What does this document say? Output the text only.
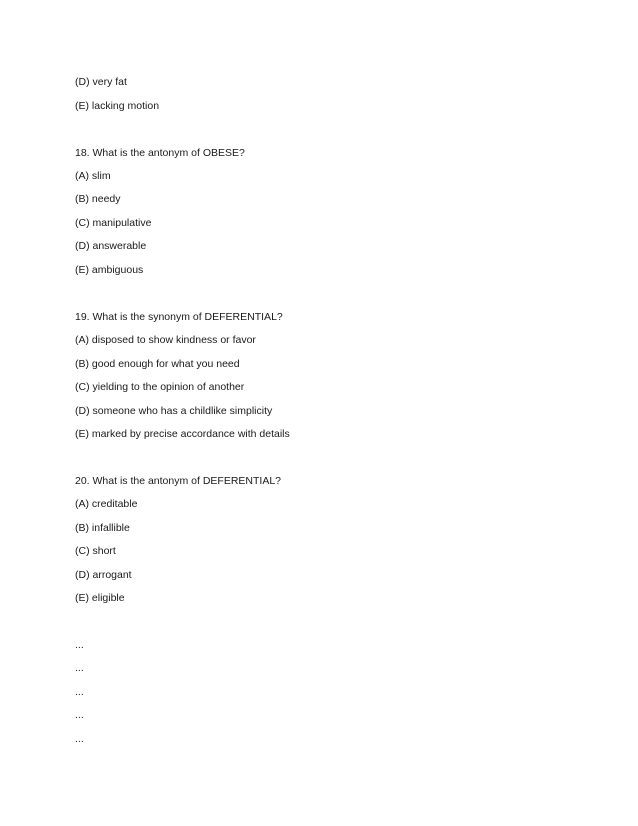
(D) very fat
(E) lacking motion
18. What is the antonym of OBESE?
(A) slim
(B) needy
(C) manipulative
(D) answerable
(E) ambiguous
19. What is the synonym of DEFERENTIAL?
(A) disposed to show kindness or favor
(B) good enough for what you need
(C) yielding to the opinion of another
(D) someone who has a childlike simplicity
(E) marked by precise accordance with details
20. What is the antonym of DEFERENTIAL?
(A) creditable
(B) infallible
(C) short
(D) arrogant
(E) eligible
...
...
...
...
...
